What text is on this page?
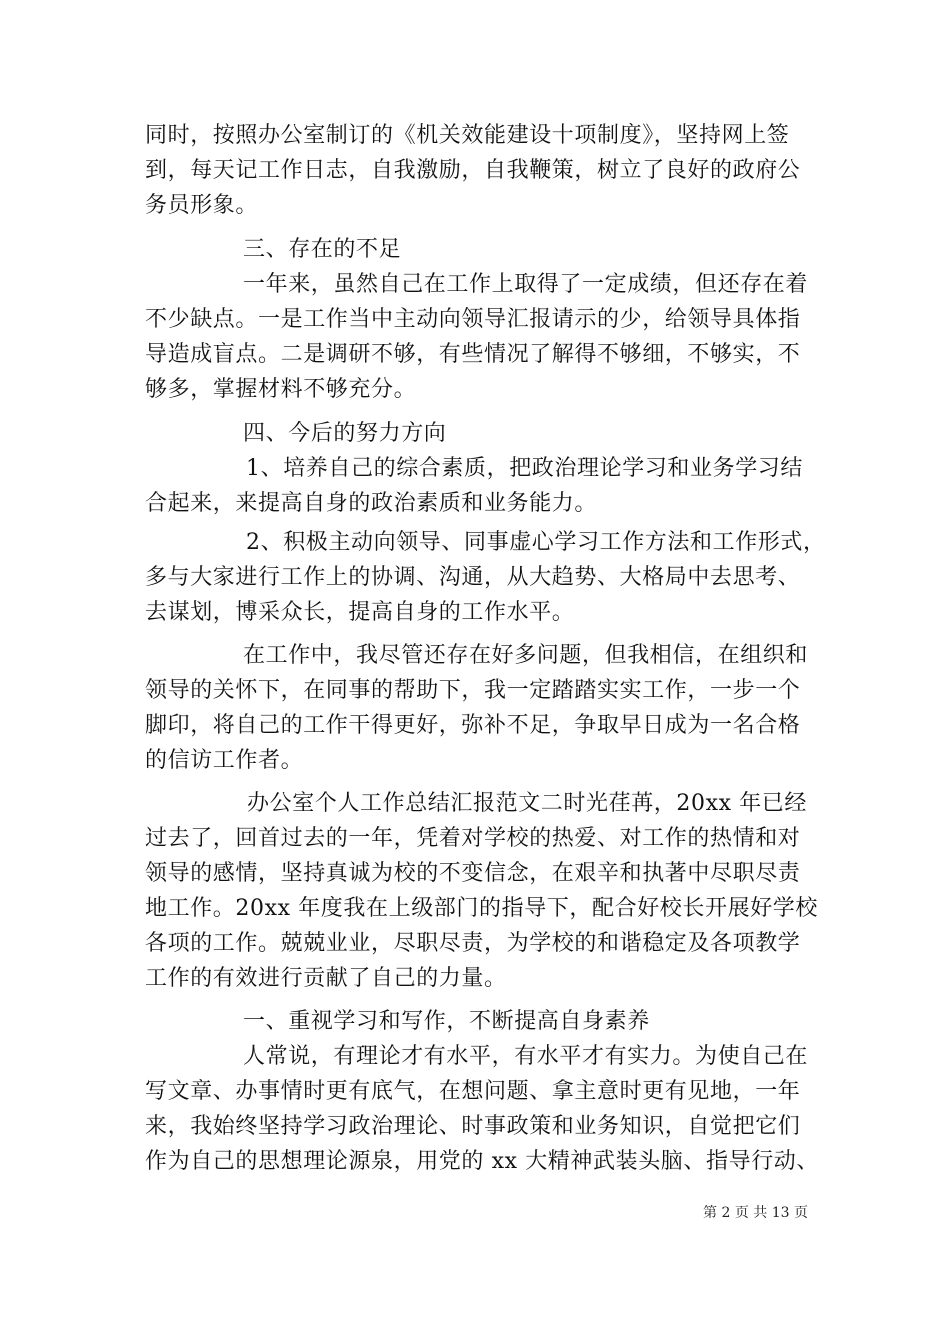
同时，按照办公室制订的《机关效能建设十项制度》，坚持网上签
到，每天记工作日志，自我激励，自我鞭策，树立了良好的政府公
务员形象。
三、存在的不足
一年来，虽然自己在工作上取得了一定成绩，但还存在着
不少缺点。一是工作当中主动向领导汇报请示的少，给领导具体指
导造成盲点。二是调研不够，有些情况了解得不够细，不够实，不
够多，掌握材料不够充分。
四、今后的努力方向
1、培养自己的综合素质，把政治理论学习和业务学习结
合起来，来提高自身的政治素质和业务能力。
2、积极主动向领导、同事虚心学习工作方法和工作形式，
多与大家进行工作上的协调、沟通，从大趋势、大格局中去思考、
去谋划，博采众长，提高自身的工作水平。
在工作中，我尽管还存在好多问题，但我相信，在组织和
领导的关怀下，在同事的帮助下，我一定踏踏实实工作，一步一个
脚印，将自己的工作干得更好，弥补不足，争取早日成为一名合格
的信访工作者。
办公室个人工作总结汇报范文二时光荏苒，20xx 年已经
过去了，回首过去的一年，凭着对学校的热爱、对工作的热情和对
领导的感情，坚持真诚为校的不变信念，在艰辛和执著中尽职尽责
地工作。20xx 年度我在上级部门的指导下，配合好校长开展好学校
各项的工作。兢兢业业，尽职尽责，为学校的和谐稳定及各项教学
工作的有效进行贡献了自己的力量。
一、重视学习和写作，不断提高自身素养
人常说，有理论才有水平，有水平才有实力。为使自己在
写文章、办事情时更有底气，在想问题、拿主意时更有见地，一年
来，我始终坚持学习政治理论、时事政策和业务知识，自觉把它们
作为自己的思想理论源泉，用党的 xx 大精神武装头脑、指导行动、
第 2 页 共 13 页
